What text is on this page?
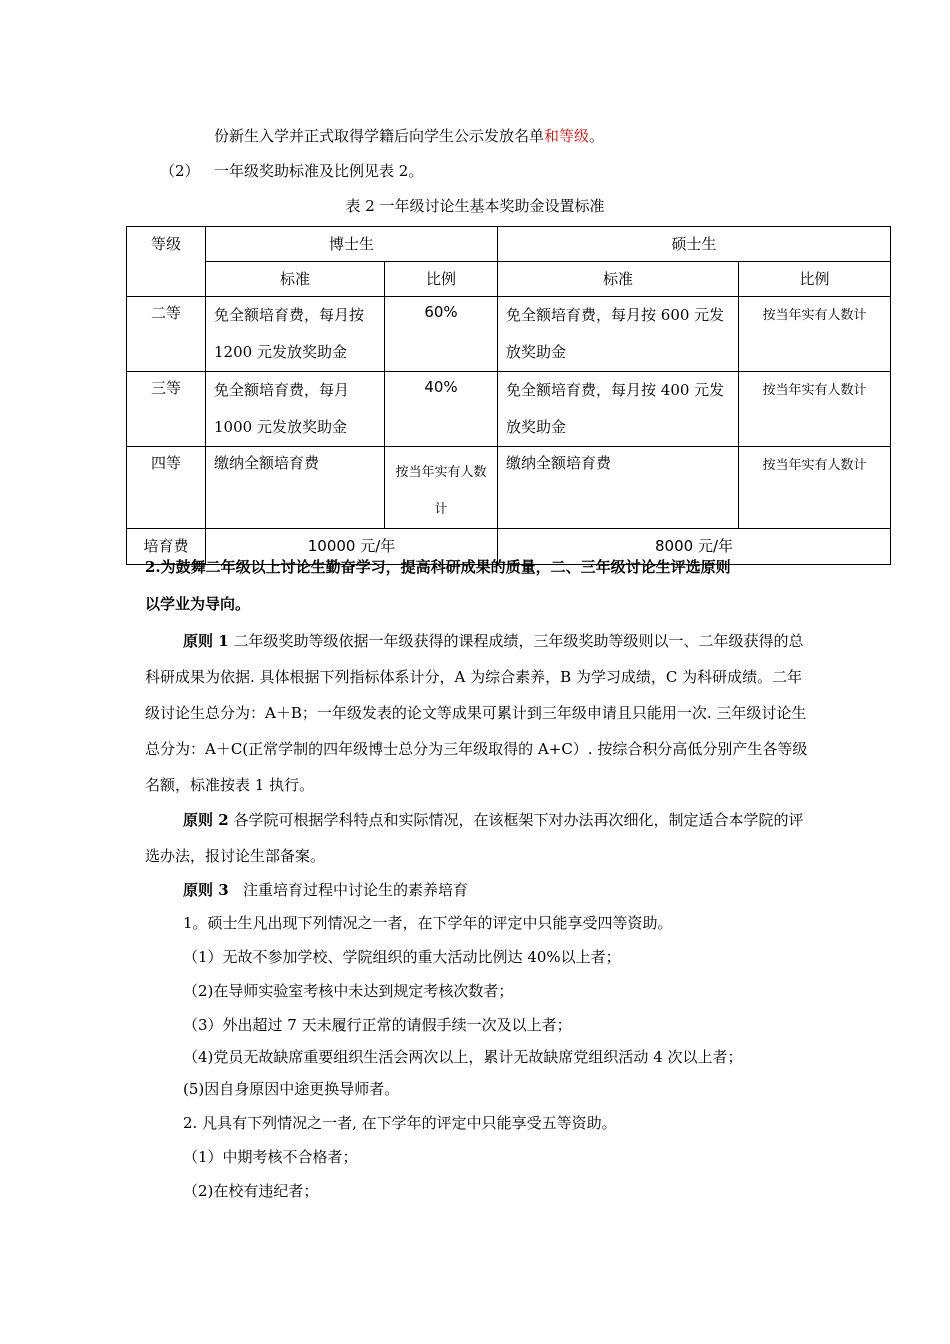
份新生入学并正式取得学籍后向学生公示发放名单和等级。
（2） 一年级奖助标准及比例见表 2。
表 2 一年级讨论生基本奖助金设置标准
等级	博士生		硕士生	

	标准	比例	标准	比例

二等	免全额培育费，每月按 1200 元发放奖助金	60%	免全额培育费，每月按 600 元发放奖助金	按当年实有人数计

三等	免全额培育费，每月 1000 元发放奖助金	40%	免全额培育费，每月按 400 元发放奖助金	按当年实有人数计

四等	缴纳全额培育费	按当年实有人数计	缴纳全额培育费	按当年实有人数计

培育费	10000 元/年		8000 元/年	
2.为鼓舞二年级以上讨论生勤奋学习，提高科研成果的质量，二、三年级讨论生评选原则
以学业为导向。
原则 1 二年级奖助等级依据一年级获得的课程成绩，三年级奖助等级则以一、二年级获得的总科研成果为依据. 具体根据下列指标体系计分，A 为综合素养，B 为学习成绩，C 为科研成绩。二年级讨论生总分为：A＋B；一年级发表的论文等成果可累计到三年级申请且只能用一次. 三年级讨论生总分为：A＋C(正常学制的四年级博士总分为三年级取得的 A+C）. 按综合积分高低分别产生各等级名额，标准按表 1 执行。
原则 2 各学院可根据学科特点和实际情况，在该框架下对办法再次细化，制定适合本学院的评选办法，报讨论生部备案。
原则 3 注重培育过程中讨论生的素养培育
1。硕士生凡出现下列情况之一者，在下学年的评定中只能享受四等资助。
（1）无故不参加学校、学院组织的重大活动比例达 40%以上者；
（2)在导师实验室考核中未达到规定考核次数者；
（3）外出超过 7 天未履行正常的请假手续一次及以上者；
（4)党员无故缺席重要组织生活会两次以上，累计无故缺席党组织活动 4 次以上者；
(5)因自身原因中途更换导师者。
2. 凡具有下列情况之一者, 在下学年的评定中只能享受五等资助。
（1）中期考核不合格者；
（2)在校有违纪者；
